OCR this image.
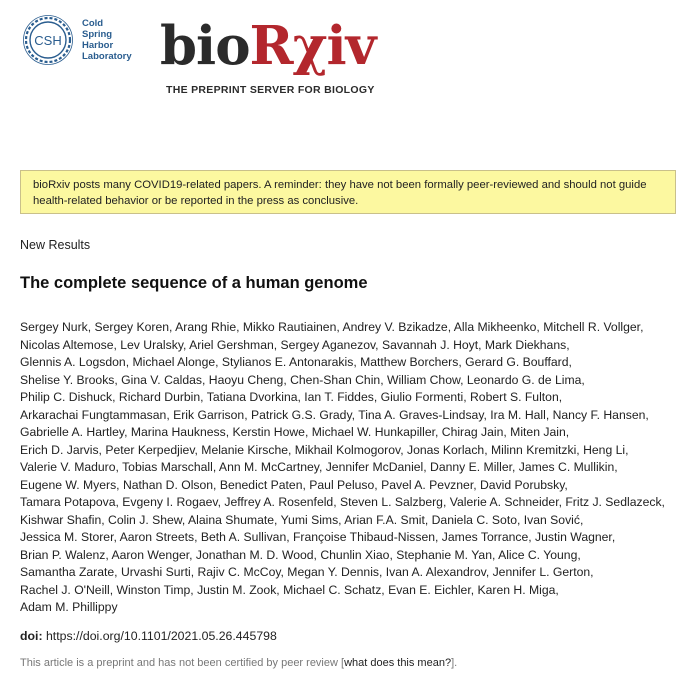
CSH
Cold
Spring
Harbor
Laboratory bioRχiv
THE PREPRINT SERVER FOR BIOLOGY
bioRxiv posts many COVID19-related papers. A reminder: they have not been formally peer-reviewed and should not guide health-related behavior or be reported in the press as conclusive.
New Results
The complete sequence of a human genome
Sergey Nurk, Sergey Koren, Arang Rhie, Mikko Rautiainen, Andrey V. Bzikadze, Alla Mikheenko, Mitchell R. Vollger,
Nicolas Altemose, Lev Uralsky, Ariel Gershman, Sergey Aganezov, Savannah J. Hoyt, Mark Diekhans,
Glennis A. Logsdon, Michael Alonge, Stylianos E. Antonarakis, Matthew Borchers, Gerard G. Bouffard,
Shelise Y. Brooks, Gina V. Caldas, Haoyu Cheng, Chen-Shan Chin, William Chow, Leonardo G. de Lima,
Philip C. Dishuck, Richard Durbin, Tatiana Dvorkina, Ian T. Fiddes, Giulio Formenti, Robert S. Fulton,
Arkarachai Fungtammasan, Erik Garrison, Patrick G.S. Grady, Tina A. Graves-Lindsay, Ira M. Hall, Nancy F. Hansen,
Gabrielle A. Hartley, Marina Haukness, Kerstin Howe, Michael W. Hunkapiller, Chirag Jain, Miten Jain,
Erich D. Jarvis, Peter Kerpedjiev, Melanie Kirsche, Mikhail Kolmogorov, Jonas Korlach, Milinn Kremitzki, Heng Li,
Valerie V. Maduro, Tobias Marschall, Ann M. McCartney, Jennifer McDaniel, Danny E. Miller, James C. Mullikin,
Eugene W. Myers, Nathan D. Olson, Benedict Paten, Paul Peluso, Pavel A. Pevzner, David Porubsky,
Tamara Potapova, Evgeny I. Rogaev, Jeffrey A. Rosenfeld, Steven L. Salzberg, Valerie A. Schneider, Fritz J. Sedlazeck,
Kishwar Shafin, Colin J. Shew, Alaina Shumate, Yumi Sims, Arian F.A. Smit, Daniela C. Soto, Ivan Sović,
Jessica M. Storer, Aaron Streets, Beth A. Sullivan, Françoise Thibaud-Nissen, James Torrance, Justin Wagner,
Brian P. Walenz, Aaron Wenger, Jonathan M. D. Wood, Chunlin Xiao, Stephanie M. Yan, Alice C. Young,
Samantha Zarate, Urvashi Surti, Rajiv C. McCoy, Megan Y. Dennis, Ivan A. Alexandrov, Jennifer L. Gerton,
Rachel J. O'Neill, Winston Timp, Justin M. Zook, Michael C. Schatz, Evan E. Eichler, Karen H. Miga,
Adam M. Phillippy
doi: https://doi.org/10.1101/2021.05.26.445798
This article is a preprint and has not been certified by peer review [what does this mean?].
